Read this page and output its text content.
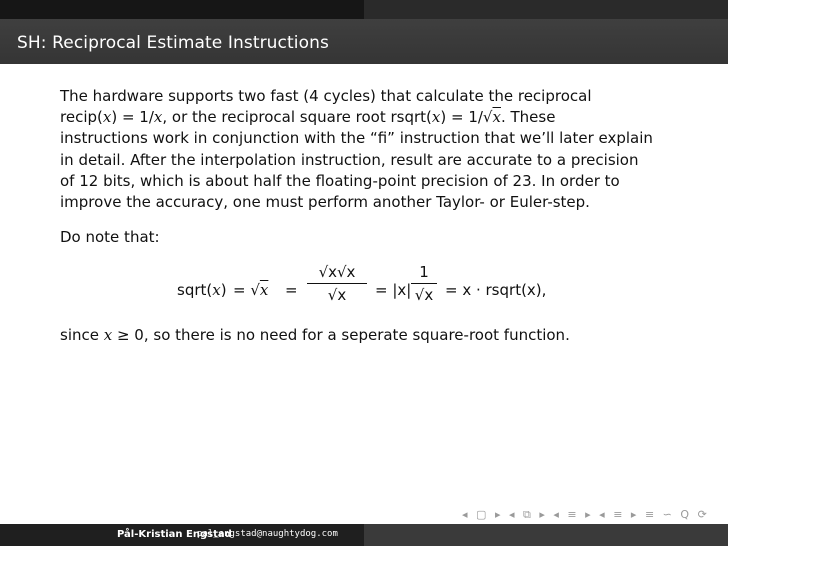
SH: Reciprocal Estimate Instructions

The hardware supports two fast (4 cycles) that calculate the reciprocal
recip(x) = 1/x, or the reciprocal square root rsqrt(x) = 1/√x. These
instructions work in conjunction with the “fi” instruction that we’ll later explain
in detail. After the interpolation instruction, result are accurate to a precision
of 12 bits, which is about half the floating-point precision of 23. In order to
improve the accuracy, one must perform another Taylor- or Euler-step.

Do note that:

sqrt(x) = √x =
√x√x
√x	= |x|
1
√x = x · rsqrt(x),
since x ≥ 0, so there is no need for a seperate square-root function.
◂ ▢ ▸ ◂ ⧉ ▸ ◂ ≡ ▸ ◂ ≡ ▸ ≡ ∽ Q ⟳
Pål-Kristian Engstad
pal_engstad@naughtydog.com	Introduction to SPU Optimizations
